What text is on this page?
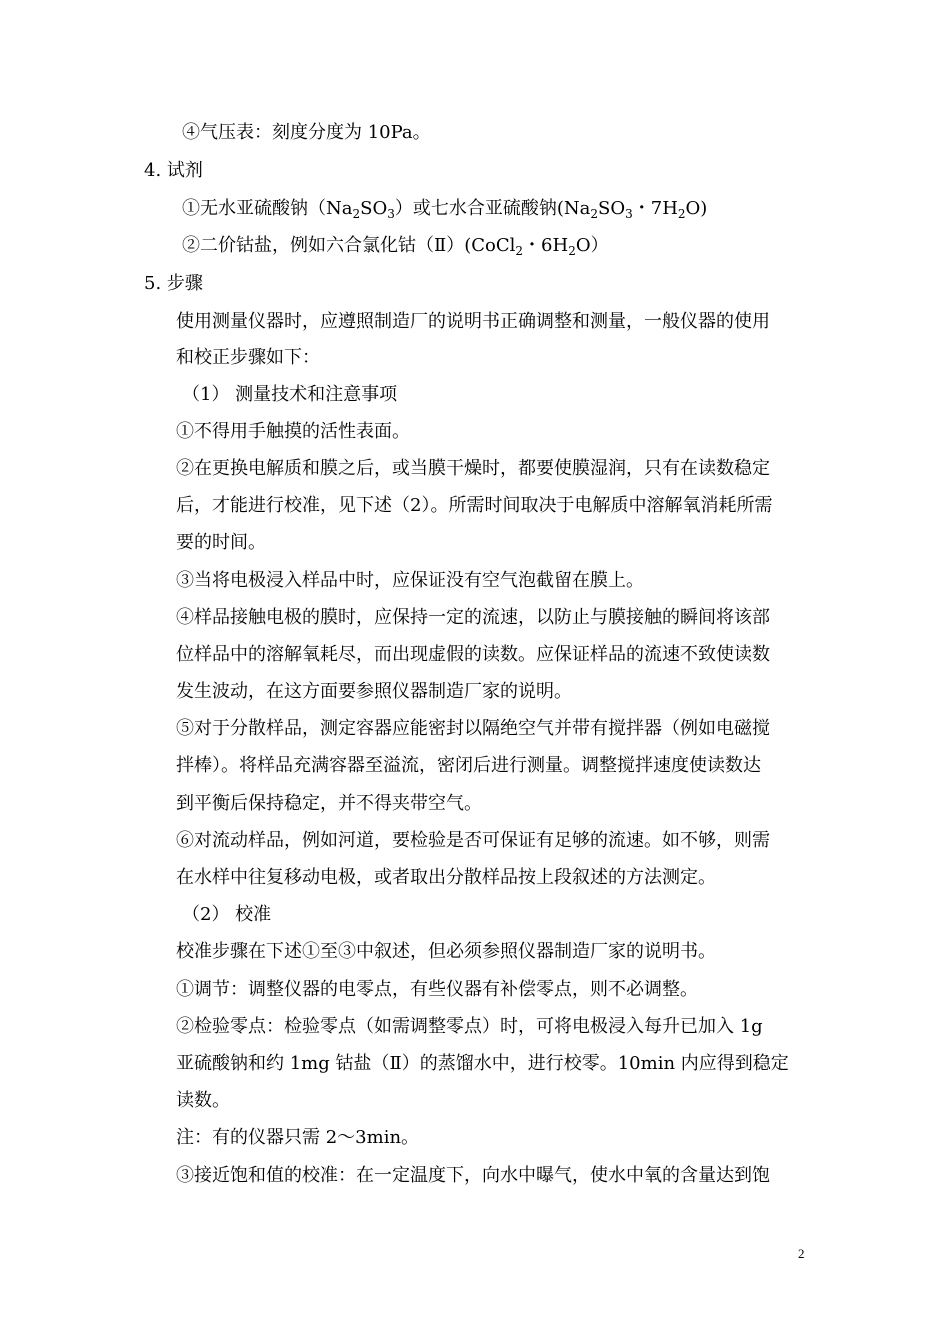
④气压表：刻度分度为 10Pa。
4. 试剂
①无水亚硫酸钠$(Na_2SO_3)$或七水合亚硫酸钠($Na_2SO_3$・$7H_2O$)
②二价钴盐，例如六合氯化钴（Ⅱ）(CoCl$_2$・$6H_2O$）
5. 步骤
使用测量仪器时，应遵照制造厂的说明书正确调整和测量，一般仪器的使用
和校正步骤如下：
（1） 测量技术和注意事项
①不得用手触摸的活性表面。
②在更换电解质和膜之后，或当膜干燥时，都要使膜湿润，只有在读数稳定
后，才能进行校准，见下述（2）。所需时间取决于电解质中溶解氧消耗所需
要的时间。
③当将电极浸入样品中时，应保证没有空气泡截留在膜上。
④样品接触电极的膜时，应保持一定的流速，以防止与膜接触的瞬间将该部
位样品中的溶解氧耗尽，而出现虚假的读数。应保证样品的流速不致使读数
发生波动，在这方面要参照仪器制造厂家的说明。
⑤对于分散样品，测定容器应能密封以隔绝空气并带有搅拌器（例如电磁搅
拌棒）。将样品充满容器至溢流，密闭后进行测量。调整搅拌速度使读数达
到平衡后保持稳定，并不得夹带空气。
⑥对流动样品，例如河道，要检验是否可保证有足够的流速。如不够，则需
在水样中往复移动电极，或者取出分散样品按上段叙述的方法测定。
（2） 校准
校准步骤在下述①至③中叙述，但必须参照仪器制造厂家的说明书。
①调节：调整仪器的电零点，有些仪器有补偿零点，则不必调整。
②检验零点：检验零点（如需调整零点）时，可将电极浸入每升已加入 1g
亚硫酸钠和约 1mg 钴盐（Ⅱ）的蒸馏水中，进行校零。10min 内应得到稳定
读数。
注：有的仪器只需 2～3min。
③接近饱和值的校准：在一定温度下，向水中曝气，使水中氧的含量达到饱
2
